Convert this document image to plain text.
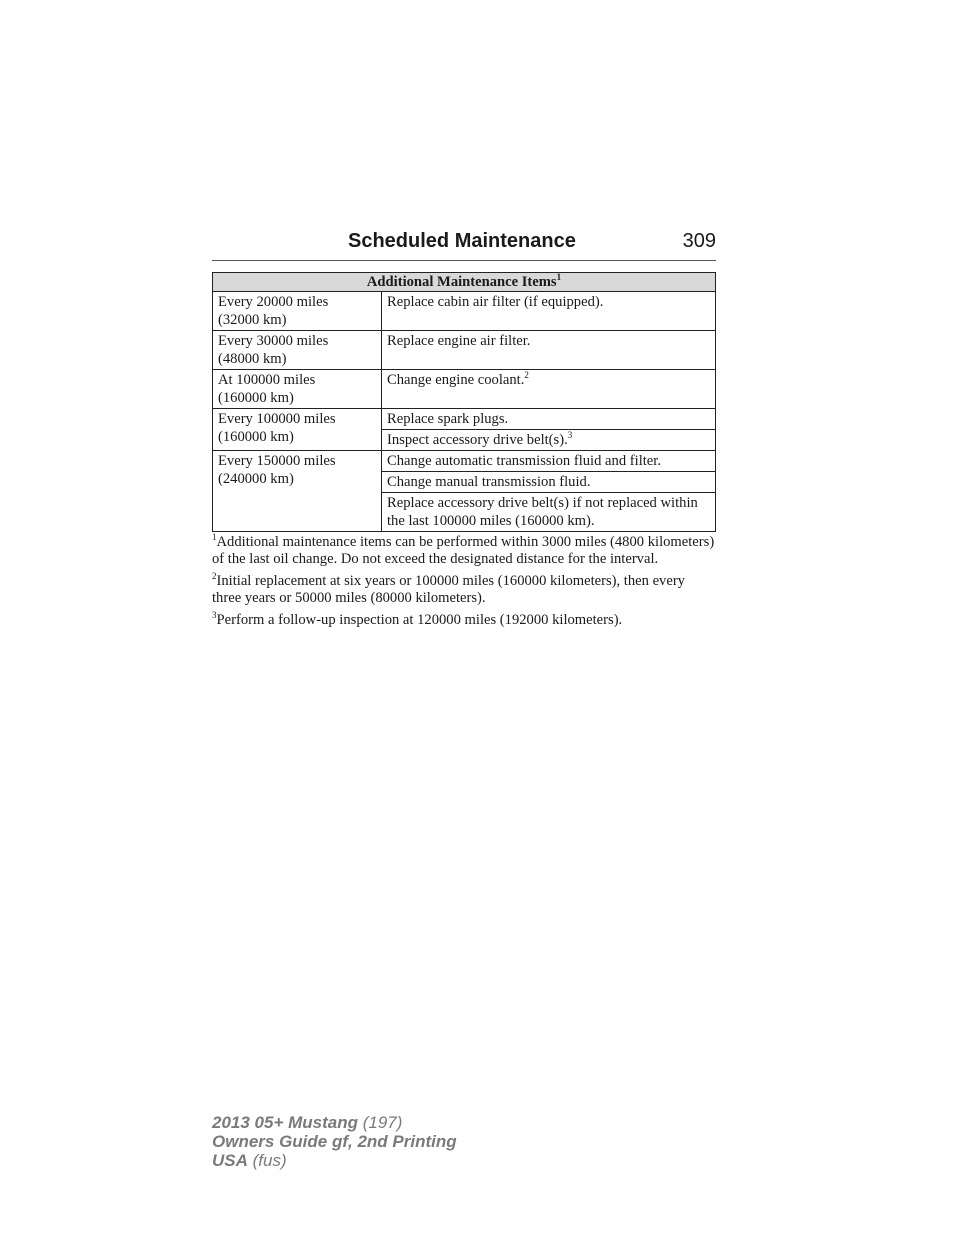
Scheduled Maintenance	309
Additional Maintenance Items$^1$
Every 20000 miles
(32000 km)	Replace cabin air filter (if equipped).
Every 30000 miles
(48000 km)	Replace engine air filter.
At 100000 miles
(160000 km)	Change engine coolant.$^2$
Every 100000 miles
(160000 km)	Replace spark plugs.
	Inspect accessory drive belt(s).$^3$
Every 150000 miles
(240000 km)	Change automatic transmission fluid and filter.
	Change manual transmission fluid.
	Replace accessory drive belt(s) if not replaced within the last 100000 miles (160000 km).

$^1$Additional maintenance items can be performed within 3000 miles (4800 kilometers) of the last oil change. Do not exceed the designated distance for the interval.

$^2$Initial replacement at six years or 100000 miles (160000 kilometers), then every three years or 50000 miles (80000 kilometers).

$^3$Perform a follow-up inspection at 120000 miles (192000 kilometers).

2013 05+ Mustang (197)
Owners Guide gf, 2nd Printing
USA (fus)
